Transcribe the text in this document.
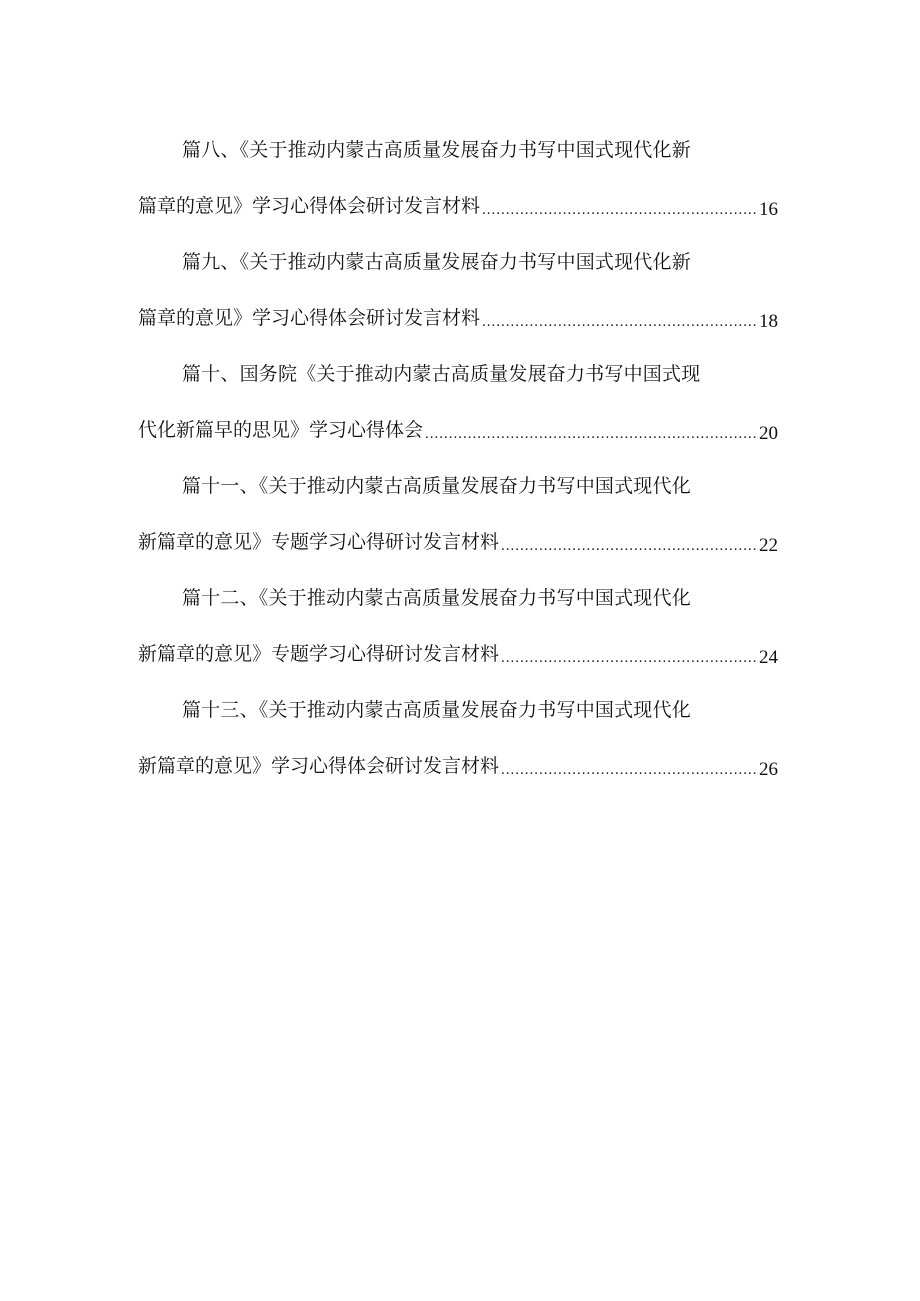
篇八、《关于推动内蒙古高质量发展奋力书写中国式现代化新
篇章的意见》学习心得体会研讨发言材料 .....	16
篇九、《关于推动内蒙古高质量发展奋力书写中国式现代化新
篇章的意见》学习心得体会研讨发言材料 .....	18
篇十、国务院《关于推动内蒙古高质量发展奋力书写中国式现
代化新篇早的思见》学习心得体会 .....	20
篇十一、《关于推动内蒙古高质量发展奋力书写中国式现代化
新篇章的意见》专题学习心得研讨发言材料 .....	22
篇十二、《关于推动内蒙古高质量发展奋力书写中国式现代化
新篇章的意见》专题学习心得研讨发言材料 .....	24
篇十三、《关于推动内蒙古高质量发展奋力书写中国式现代化
新篇章的意见》学习心得体会研讨发言材料 .....	26
